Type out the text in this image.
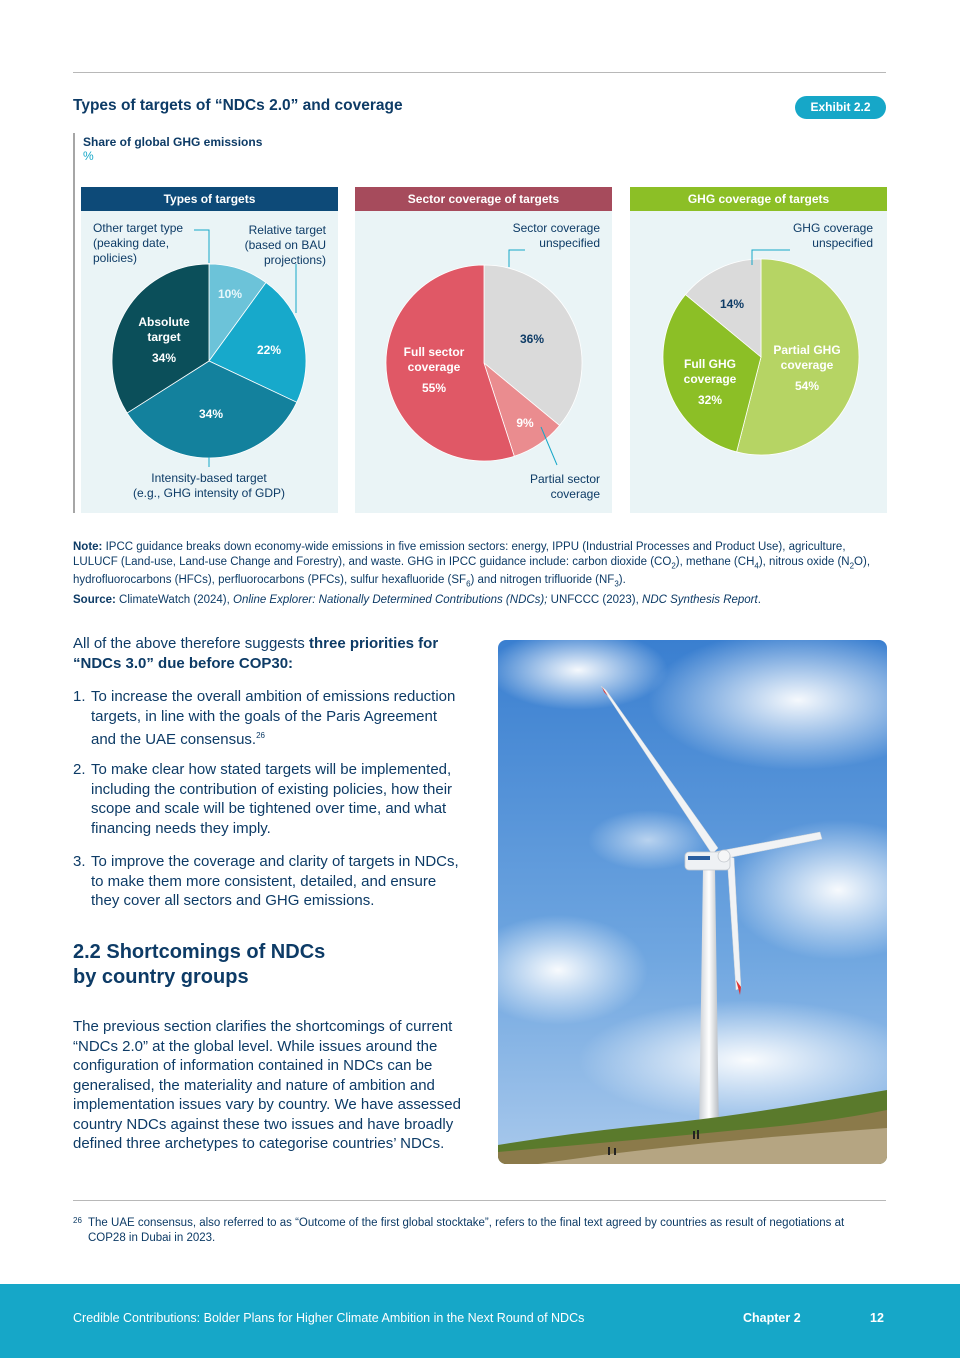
Types of targets of “NDCs 2.0” and coverage	Exhibit 2.2
Share of global GHG emissions
%
Types of targets
Other target type
(peaking date,
policies)
Relative target
(based on BAU
projections)
Intensity-based target
(e.g., GHG intensity of GDP)
Absolute
target
34%
10%
22%
34%
Sector coverage of targets
Sector coverage
unspecified
Partial sector
coverage
Full sector
coverage
55%
36%
9%
GHG coverage of targets
GHG coverage
unspecified
14%
Full GHG
coverage
32%
Partial GHG
coverage
54%
Note: IPCC guidance breaks down economy-wide emissions in five emission sectors: energy, IPPU (Industrial Processes and Product Use), agriculture, LULUCF (Land-use, Land-use Change and Forestry), and waste. GHG in IPCC guidance include: carbon dioxide $(CO_2)$, methane $(CH_4)$, nitrous oxide $(N_2O)$, hydrofluorocarbons (HFCs), perfluorocarbons (PFCs), sulfur hexafluoride $(SF_6)$ and nitrogen trifluoride $(NF_3)$.
Source: ClimateWatch (2024), Online Explorer: Nationally Determined Contributions (NDCs); UNFCCC (2023), NDC Synthesis Report.
All of the above therefore suggests three priorities for “NDCs 3.0” due before COP30:
1. To increase the overall ambition of emissions reduction targets, in line with the goals of the Paris Agreement and the UAE consensus.$^{26}$
2. To make clear how stated targets will be implemented, including the contribution of existing policies, how their scope and scale will be tightened over time, and what financing needs they imply.
3. To improve the coverage and clarity of targets in NDCs, to make them more consistent, detailed, and ensure they cover all sectors and GHG emissions.
2.2 Shortcomings of NDCs
by country groups
The previous section clarifies the shortcomings of current “NDCs 2.0” at the global level. While issues around the configuration of information contained in NDCs can be generalised, the materiality and nature of ambition and implementation issues vary by country. We have assessed country NDCs against these two issues and have broadly defined three archetypes to categorise countries’ NDCs.
26 The UAE consensus, also referred to as “Outcome of the first global stocktake”, refers to the final text agreed by countries as result of negotiations at COP28 in Dubai in 2023.
Credible Contributions: Bolder Plans for Higher Climate Ambition in the Next Round of NDCs	Chapter 2	12
